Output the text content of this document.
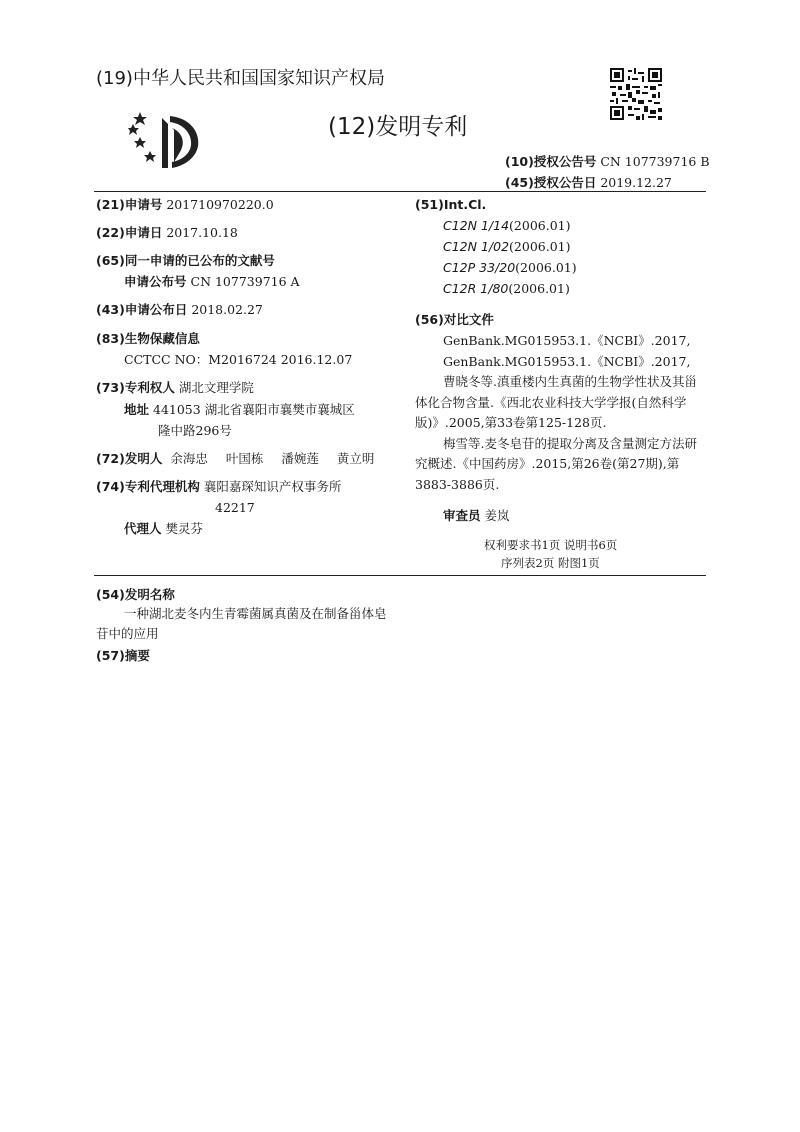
(19)中华人民共和国国家知识产权局
(12)发明专利
(10)授权公告号 CN 107739716 B
(45)授权公告日 2019.12.27
(21)申请号 201710970220.0
(22)申请日 2017.10.18
(65)同一申请的已公布的文献号
申请公布号 CN 107739716 A
(43)申请公布日 2018.02.27
(83)生物保藏信息
CCTCC NO：M2016724 2016.12.07
(73)专利权人 湖北文理学院
地址 441053 湖北省襄阳市襄樊市襄城区
隆中路296号
(72)发明人 余海忠 叶国栋 潘婉莲 黄立明
(74)专利代理机构 襄阳嘉琛知识产权事务所
42217
代理人 樊灵芬
(51)Int.Cl.
C12N 1/14(2006.01)
C12N 1/02(2006.01)
C12P 33/20(2006.01)
C12R 1/80(2006.01)
(56)对比文件

GenBank.MG015953.1.《NCBI》.2017,

GenBank.MG015953.1.《NCBI》.2017,

曹晓冬等.滇重楼内生真菌的生物学性状及其甾体化合物含量.《西北农业科技大学学报(自然科学版)》.2005,第33卷第125-128页.

梅雪等.麦冬皂苷的提取分离及含量测定方法研究概述.《中国药房》.2015,第26卷(第27期),第3883-3886页.

审查员 姜岚
权利要求书1页 说明书6页
序列表2页 附图1页
(54)发明名称

一种湖北麦冬内生青霉菌属真菌及在制备甾体皂苷中的应用

(57)摘要
